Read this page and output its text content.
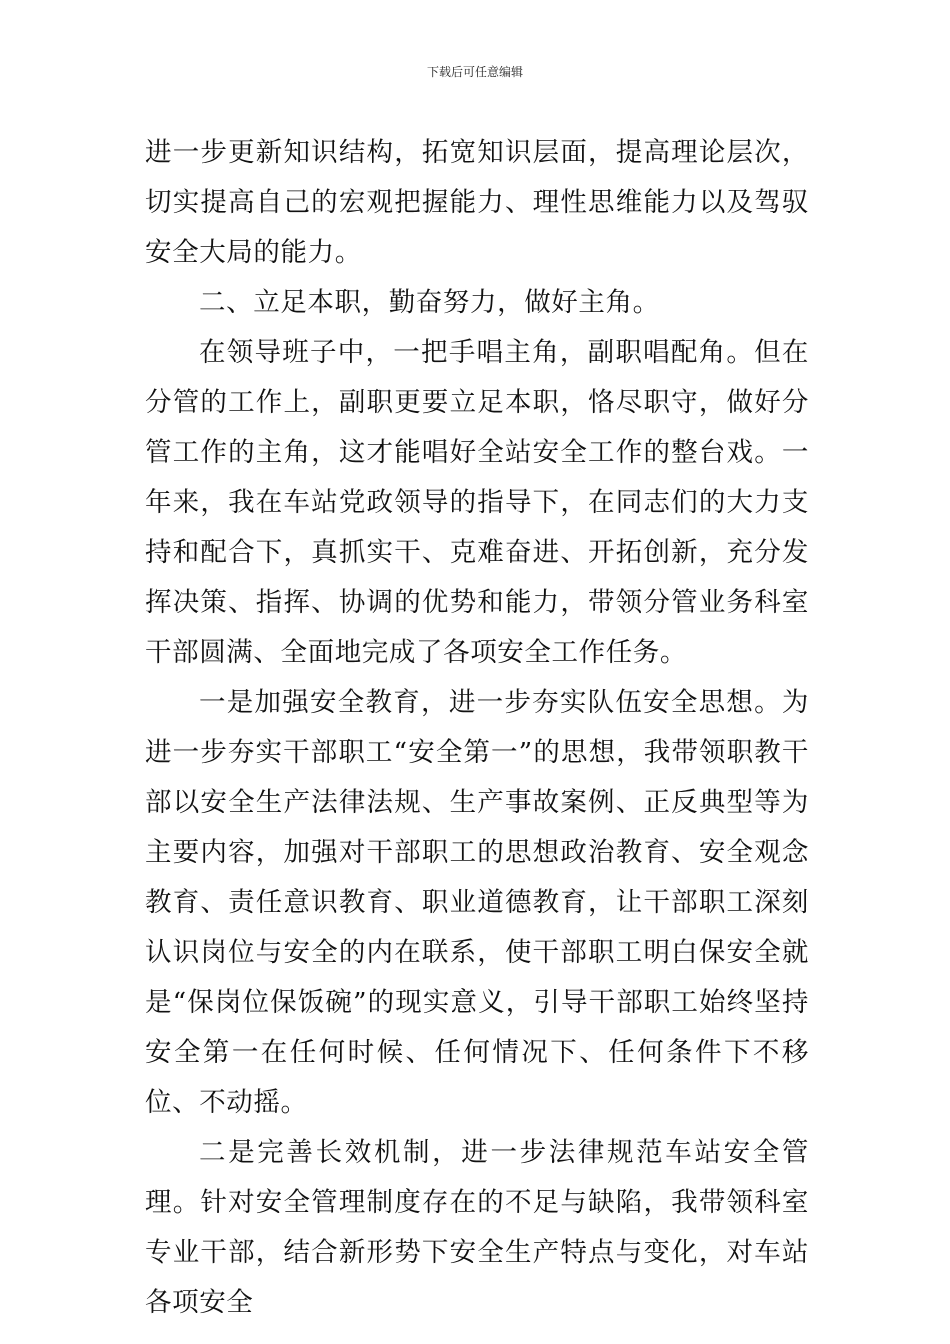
下载后可任意编辑

进一步更新知识结构，拓宽知识层面，提高理论层次，切实提高自己的宏观把握能力、理性思维能力以及驾驭安全大局的能力。

二、立足本职，勤奋努力，做好主角。

在领导班子中，一把手唱主角，副职唱配角。但在分管的工作上，副职更要立足本职，恪尽职守，做好分管工作的主角，这才能唱好全站安全工作的整台戏。一年来，我在车站党政领导的指导下，在同志们的大力支持和配合下，真抓实干、克难奋进、开拓创新，充分发挥决策、指挥、协调的优势和能力，带领分管业务科室干部圆满、全面地完成了各项安全工作任务。

一是加强安全教育，进一步夯实队伍安全思想。为进一步夯实干部职工“安全第一”的思想，我带领职教干部以安全生产法律法规、生产事故案例、正反典型等为主要内容，加强对干部职工的思想政治教育、安全观念教育、责任意识教育、职业道德教育，让干部职工深刻认识岗位与安全的内在联系，使干部职工明白保安全就是“保岗位保饭碗”的现实意义，引导干部职工始终坚持安全第一在任何时候、任何情况下、任何条件下不移位、不动摇。

二是完善长效机制，进一步法律规范车站安全管理。针对安全管理制度存在的不足与缺陷，我带领科室专业干部，结合新形势下安全生产特点与变化，对车站各项安全
